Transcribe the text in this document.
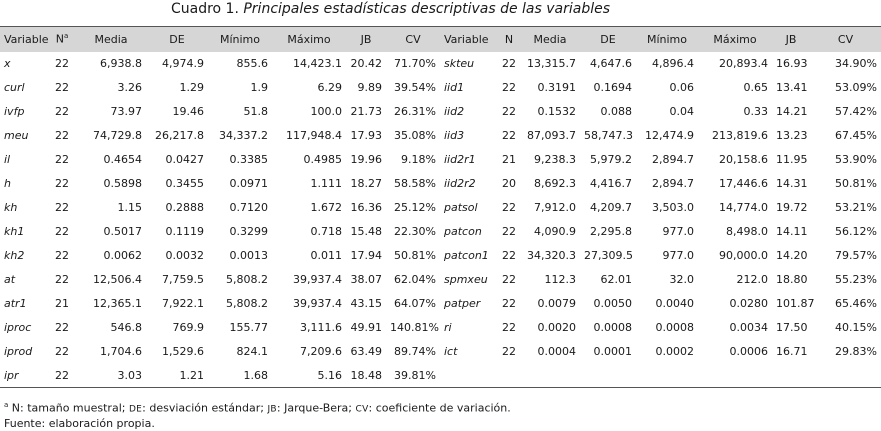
Cuadro 1. Principales estadísticas descriptivas de las variables
Variable	$N^a$	Media	DE	Mínimo	Máximo	JB	CV	Variable	N	Media	DE	Mínimo	Máximo	JB	CV
x	22	6,938.8	4,974.9	855.6	14,423.1	20.42	71.70%	skteu	22	13,315.7	4,647.6	4,896.4	20,893.4	16.93	34.90%
curl	22	3.26	1.29	1.9	6.29	9.89	39.54%	iid1	22	0.3191	0.1694	0.06	0.65	13.41	53.09%
ivfp	22	73.97	19.46	51.8	100.0	21.73	26.31%	iid2	22	0.1532	0.088	0.04	0.33	14.21	57.42%
meu	22	74,729.8	26,217.8	34,337.2	117,948.4	17.93	35.08%	iid3	22	87,093.7	58,747.3	12,474.9	213,819.6	13.23	67.45%
il	22	0.4654	0.0427	0.3385	0.4985	19.96	9.18%	iid2r1	21	9,238.3	5,979.2	2,894.7	20,158.6	11.95	53.90%
h	22	0.5898	0.3455	0.0971	1.111	18.27	58.58%	iid2r2	20	8,692.3	4,416.7	2,894.7	17,446.6	14.31	50.81%
kh	22	1.15	0.2888	0.7120	1.672	16.36	25.12%	patsol	22	7,912.0	4,209.7	3,503.0	14,774.0	19.72	53.21%
kh1	22	0.5017	0.1119	0.3299	0.718	15.48	22.30%	patcon	22	4,090.9	2,295.8	977.0	8,498.0	14.11	56.12%
kh2	22	0.0062	0.0032	0.0013	0.011	17.94	50.81%	patcon1	22	34,320.3	27,309.5	977.0	90,000.0	14.20	79.57%
at	22	12,506.4	7,759.5	5,808.2	39,937.4	38.07	62.04%	spmxeu	22	112.3	62.01	32.0	212.0	18.80	55.23%
atr1	21	12,365.1	7,922.1	5,808.2	39,937.4	43.15	64.07%	patper	22	0.0079	0.0050	0.0040	0.0280	101.87	65.46%
iproc	22	546.8	769.9	155.77	3,111.6	49.91	140.81%	ri	22	0.0020	0.0008	0.0008	0.0034	17.50	40.15%
iprod	22	1,704.6	1,529.6	824.1	7,209.6	63.49	89.74%	ict	22	0.0004	0.0001	0.0002	0.0006	16.71	29.83%
ipr	22	3.03	1.21	1.68	5.16	18.48	39.81%								
$^a$ N: tamaño muestral; DE: desviación estándar; JB: Jarque-Bera; CV: coeficiente de variación.
Fuente: elaboración propia.
